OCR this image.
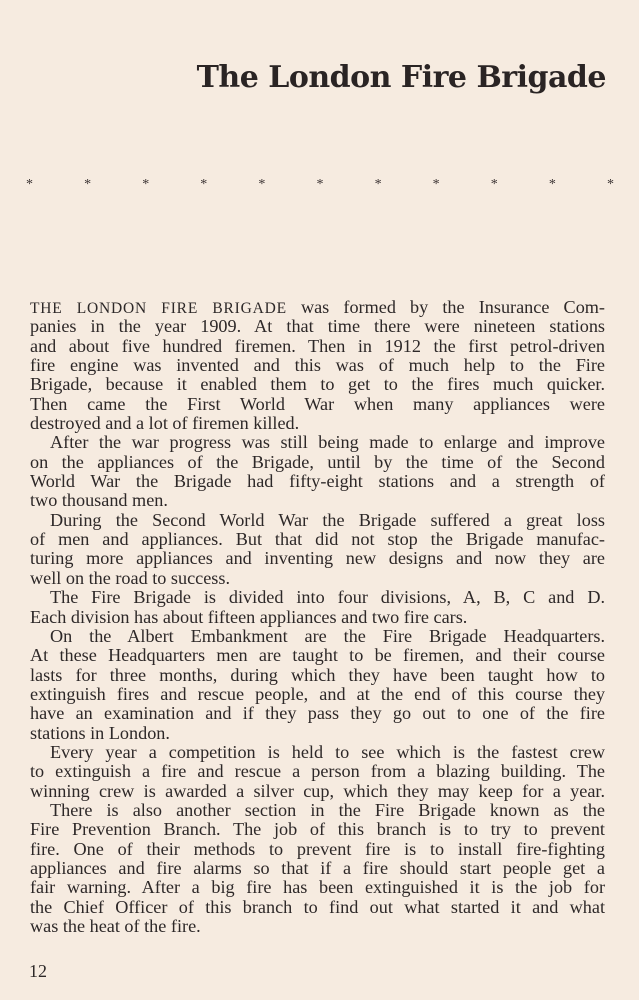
The London Fire Brigade
*	*	*	*	*	*	*	*	*	*	*
THE LONDON FIRE BRIGADE was formed by the Insurance Com-
panies in the year 1909. At that time there were nineteen stations
and about five hundred firemen. Then in 1912 the first petrol-driven
fire engine was invented and this was of much help to the Fire
Brigade, because it enabled them to get to the fires much quicker.
Then came the First World War when many appliances were
destroyed and a lot of firemen killed.
After the war progress was still being made to enlarge and improve
on the appliances of the Brigade, until by the time of the Second
World War the Brigade had fifty-eight stations and a strength of
two thousand men.
During the Second World War the Brigade suffered a great loss
of men and appliances. But that did not stop the Brigade manufac-
turing more appliances and inventing new designs and now they are
well on the road to success.
The Fire Brigade is divided into four divisions, A, B, C and D.
Each division has about fifteen appliances and two fire cars.
On the Albert Embankment are the Fire Brigade Headquarters.
At these Headquarters men are taught to be firemen, and their course
lasts for three months, during which they have been taught how to
extinguish fires and rescue people, and at the end of this course they
have an examination and if they pass they go out to one of the fire
stations in London.
Every year a competition is held to see which is the fastest crew
to extinguish a fire and rescue a person from a blazing building. The
winning crew is awarded a silver cup, which they may keep for a year.
There is also another section in the Fire Brigade known as the
Fire Prevention Branch. The job of this branch is to try to prevent
fire. One of their methods to prevent fire is to install fire-fighting
appliances and fire alarms so that if a fire should start people get a
fair warning. After a big fire has been extinguished it is the job for
the Chief Officer of this branch to find out what started it and what
was the heat of the fire.
12
